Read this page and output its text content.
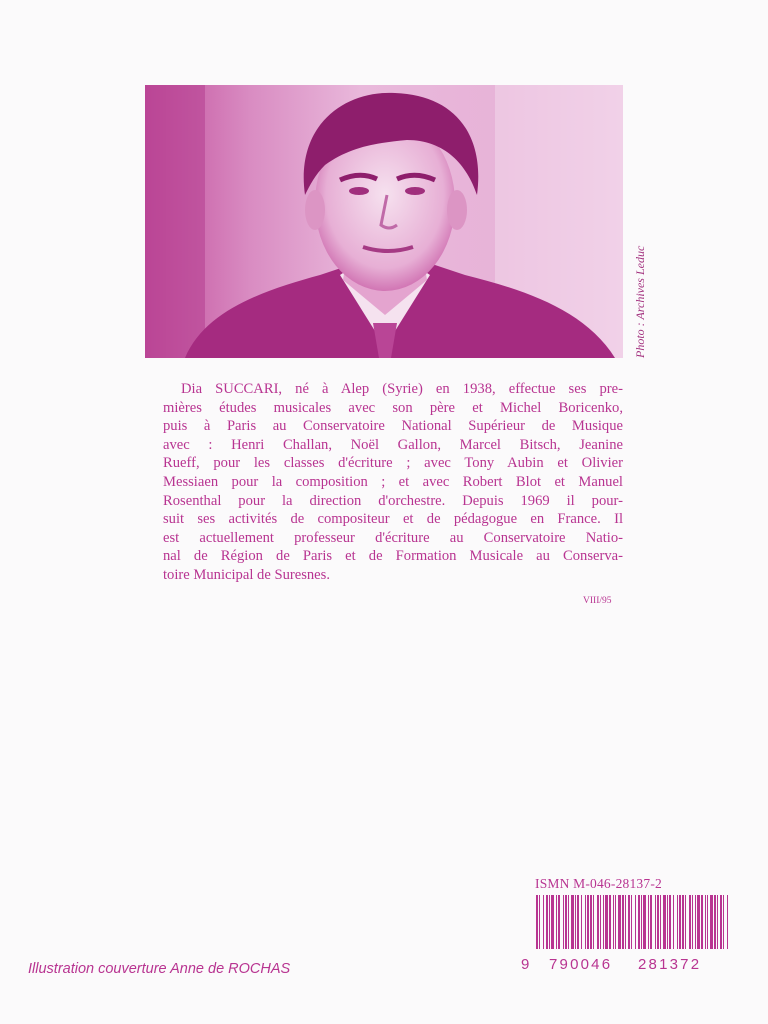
Photo : Archives Leduc
Dia SUCCARI, né à Alep (Syrie) en 1938, effectue ses pre-
mières études musicales avec son père et Michel Boricenko,
puis à Paris au Conservatoire National Supérieur de Musique
avec : Henri Challan, Noël Gallon, Marcel Bitsch, Jeanine
Rueff, pour les classes d'écriture ; avec Tony Aubin et Olivier
Messiaen pour la composition ; et avec Robert Blot et Manuel
Rosenthal pour la direction d'orchestre. Depuis 1969 il pour-
suit ses activités de compositeur et de pédagogue en France. Il
est actuellement professeur d'écriture au Conservatoire Natio-
nal de Région de Paris et de Formation Musicale au Conserva-
toire Municipal de Suresnes.
VIII/95
ISMN M-046-28137-2
9 790046 281372
Illustration couverture Anne de ROCHAS
